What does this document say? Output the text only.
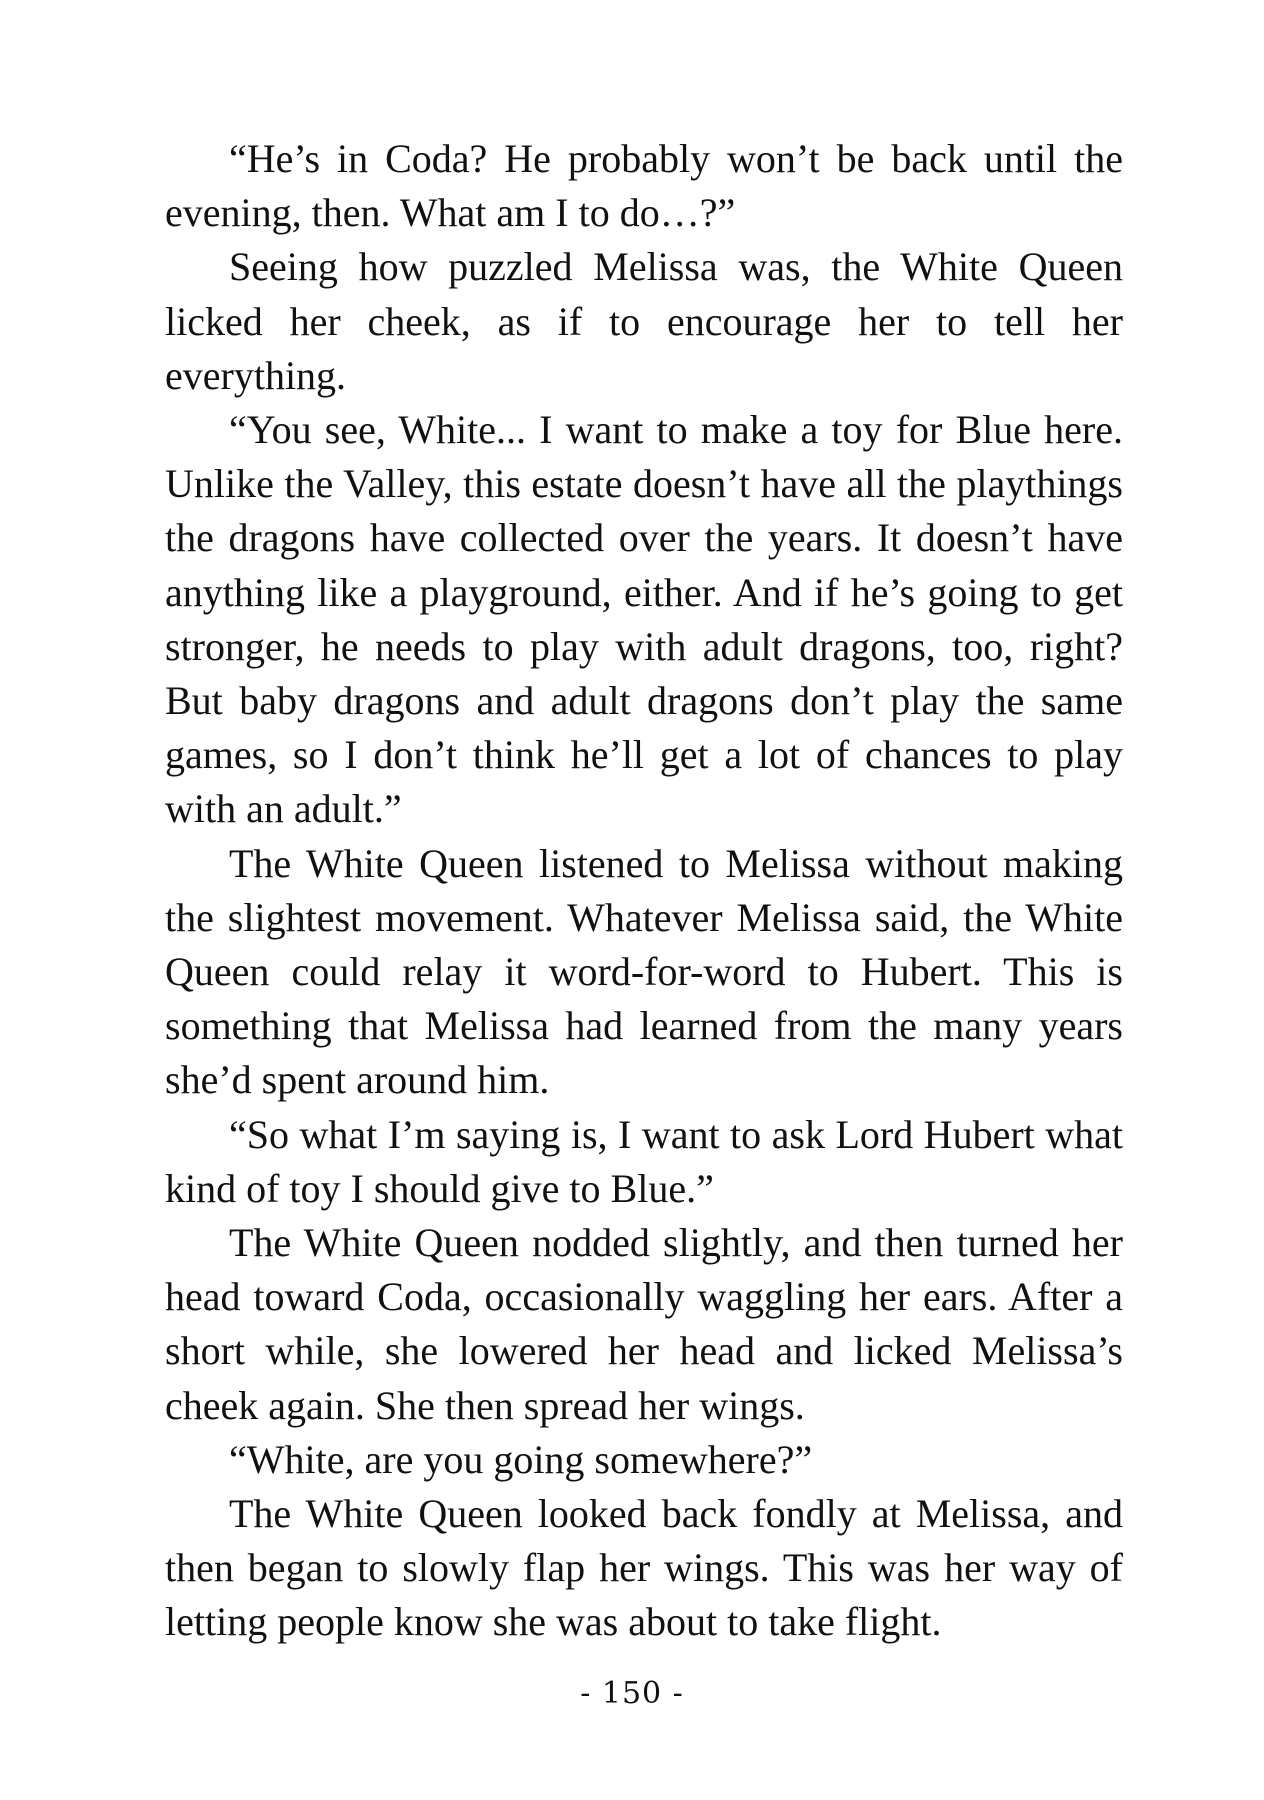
“He’s in Coda? He probably won’t be back until the evening, then. What am I to do…?”

Seeing how puzzled Melissa was, the White Queen licked her cheek, as if to encourage her to tell her everything.

“You see, White... I want to make a toy for Blue here. Unlike the Valley, this estate doesn’t have all the playthings the dragons have collected over the years. It doesn’t have anything like a playground, either. And if he’s going to get stronger, he needs to play with adult dragons, too, right? But baby dragons and adult dragons don’t play the same games, so I don’t think he’ll get a lot of chances to play with an adult.”

The White Queen listened to Melissa without making the slightest movement. Whatever Melissa said, the White Queen could relay it word-for-word to Hubert. This is something that Melissa had learned from the many years she’d spent around him.

“So what I’m saying is, I want to ask Lord Hubert what kind of toy I should give to Blue.”

The White Queen nodded slightly, and then turned her head toward Coda, occasionally waggling her ears. After a short while, she lowered her head and licked Melissa’s cheek again. She then spread her wings.

“White, are you going somewhere?”

The White Queen looked back fondly at Melissa, and then began to slowly flap her wings. This was her way of letting people know she was about to take flight.

- 150 -
